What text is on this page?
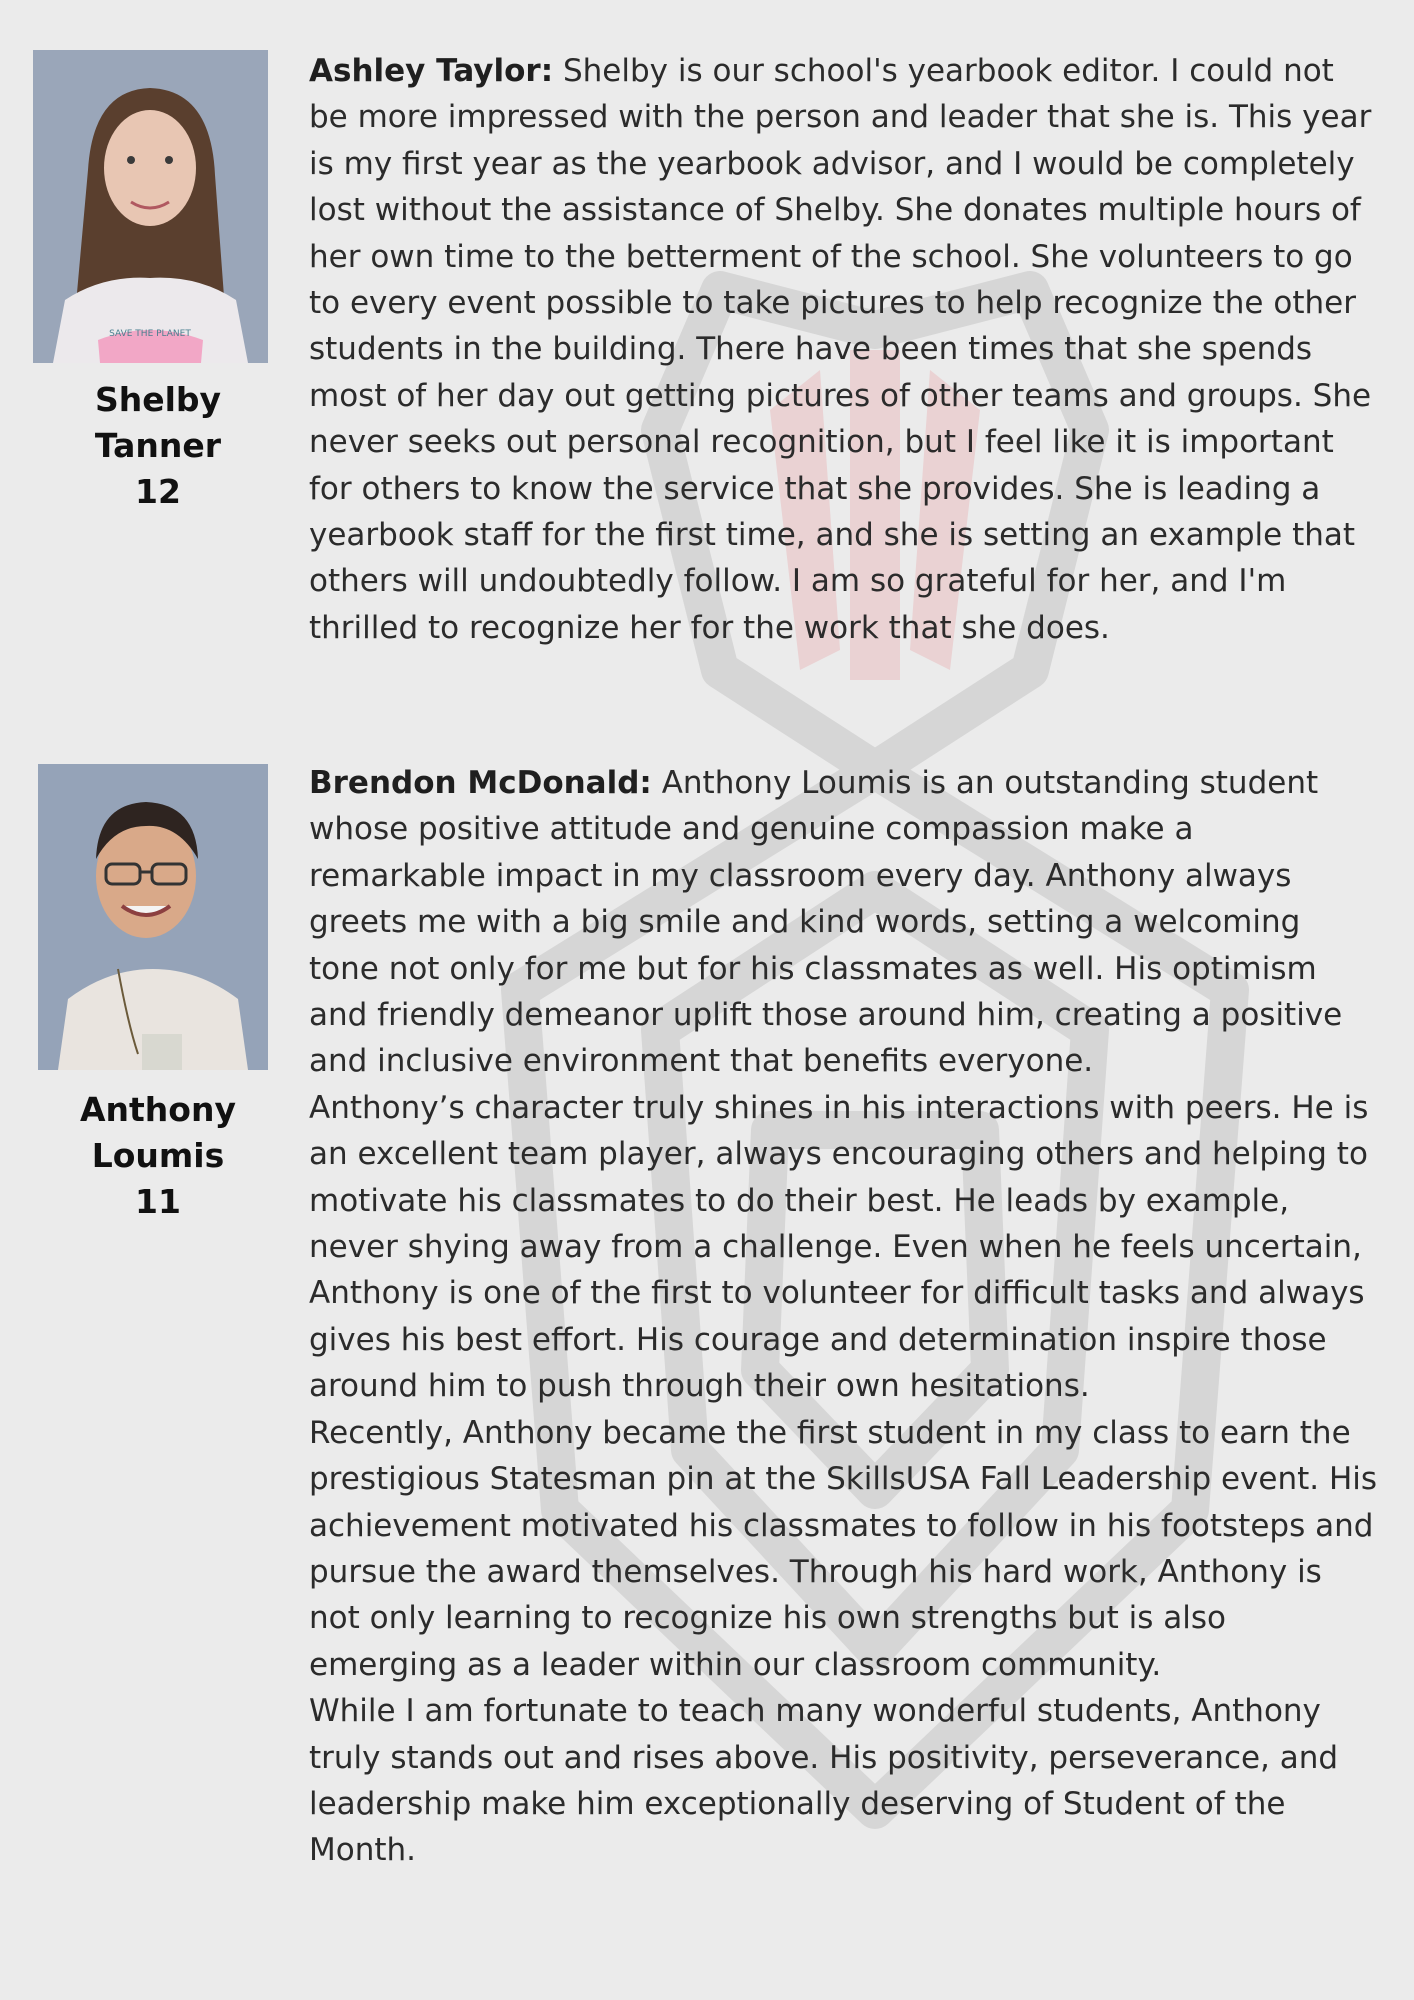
SAVE THE PLANET
Shelby Tanner
12

Ashley Taylor: Shelby is our school's yearbook editor. I could not be more impressed with the person and leader that she is. This year is my first year as the yearbook advisor, and I would be completely lost without the assistance of Shelby. She donates multiple hours of her own time to the betterment of the school. She volunteers to go to every event possible to take pictures to help recognize the other students in the building. There have been times that she spends most of her day out getting pictures of other teams and groups. She never seeks out personal recognition, but I feel like it is important for others to know the service that she provides. She is leading a yearbook staff for the first time, and she is setting an example that others will undoubtedly follow. I am so grateful for her, and I'm thrilled to recognize her for the work that she does.

Anthony Loumis
11

Brendon McDonald: Anthony Loumis is an outstanding student whose positive attitude and genuine compassion make a remarkable impact in my classroom every day. Anthony always greets me with a big smile and kind words, setting a welcoming tone not only for me but for his classmates as well. His optimism and friendly demeanor uplift those around him, creating a positive and inclusive environment that benefits everyone.

Anthony’s character truly shines in his interactions with peers. He is an excellent team player, always encouraging others and helping to motivate his classmates to do their best. He leads by example, never shying away from a challenge. Even when he feels uncertain, Anthony is one of the first to volunteer for difficult tasks and always gives his best effort. His courage and determination inspire those around him to push through their own hesitations.

Recently, Anthony became the first student in my class to earn the prestigious Statesman pin at the SkillsUSA Fall Leadership event. His achievement motivated his classmates to follow in his footsteps and pursue the award themselves. Through his hard work, Anthony is not only learning to recognize his own strengths but is also emerging as a leader within our classroom community.

While I am fortunate to teach many wonderful students, Anthony truly stands out and rises above. His positivity, perseverance, and leadership make him exceptionally deserving of Student of the Month.
